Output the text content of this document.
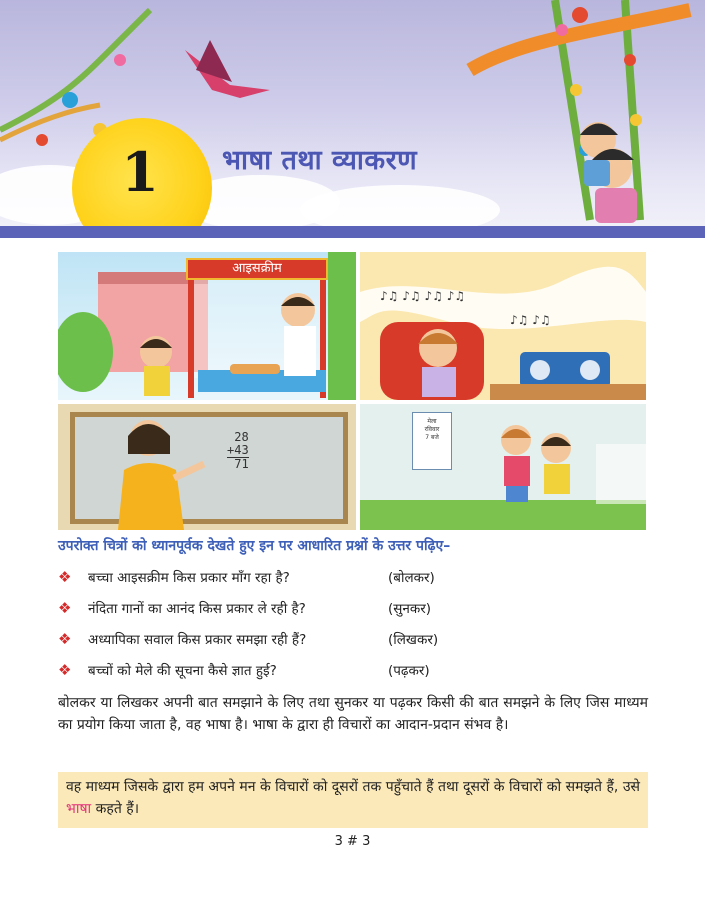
1	भाषा तथा व्याकरण
आइसक्रीम
♪♫ ♪♫ ♪♫ ♪♫
♪♫ ♪♫
28
+43
71
मेला
रविवार
7 बजे
उपरोक्त चित्रों को ध्यानपूर्वक देखते हुए इन पर आधारित प्रश्नों के उत्तर पढ़िए–
❖ बच्चा आइसक्रीम किस प्रकार माँग रहा है?	(बोलकर)
❖ नंदिता गानों का आनंद किस प्रकार ले रही है?	(सुनकर)
❖ अध्यापिका सवाल किस प्रकार समझा रही हैं?	(लिखकर)
❖ बच्चों को मेले की सूचना कैसे ज्ञात हुई?	(पढ़कर)

बोलकर या लिखकर अपनी बात समझाने के लिए तथा सुनकर या पढ़कर किसी की बात समझने के लिए जिस माध्यम का प्रयोग किया जाता है, वह भाषा है। भाषा के द्वारा ही विचारों का आदान-प्रदान संभव है।

वह माध्यम जिसके द्वारा हम अपने मन के विचारों को दूसरों तक पहुँचाते हैं तथा दूसरों के विचारों को समझते हैं, उसे भाषा कहते हैं।
3 # 3
